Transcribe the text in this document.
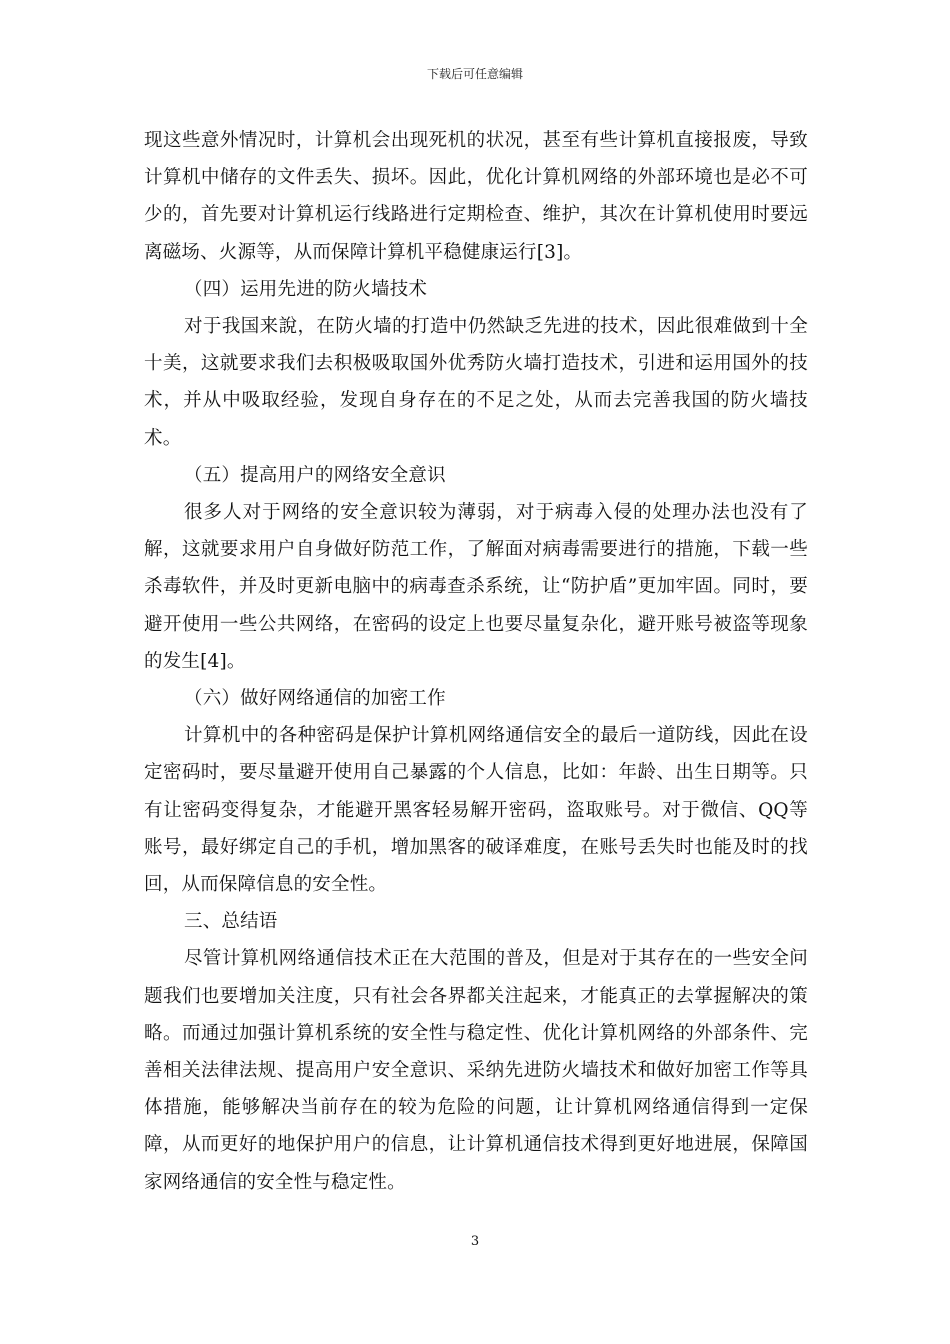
下载后可任意编辑

现这些意外情况时，计算机会出现死机的状况，甚至有些计算机直接报废，导致计算机中储存的文件丢失、损坏。因此，优化计算机网络的外部环境也是必不可少的，首先要对计算机运行线路进行定期检查、维护，其次在计算机使用时要远离磁场、火源等，从而保障计算机平稳健康运行[3]。

（四）运用先进的防火墙技术

对于我国来說，在防火墙的打造中仍然缺乏先进的技术，因此很难做到十全十美，这就要求我们去积极吸取国外优秀防火墙打造技术，引进和运用国外的技术，并从中吸取经验，发现自身存在的不足之处，从而去完善我国的防火墙技术。

（五）提高用户的网络安全意识

很多人对于网络的安全意识较为薄弱，对于病毒入侵的处理办法也没有了解，这就要求用户自身做好防范工作，了解面对病毒需要进行的措施，下载一些杀毒软件，并及时更新电脑中的病毒查杀系统，让“防护盾”更加牢固。同时，要避开使用一些公共网络，在密码的设定上也要尽量复杂化，避开账号被盗等现象的发生[4]。

（六）做好网络通信的加密工作

计算机中的各种密码是保护计算机网络通信安全的最后一道防线，因此在设定密码时，要尽量避开使用自己暴露的个人信息，比如：年龄、出生日期等。只有让密码变得复杂，才能避开黑客轻易解开密码，盗取账号。对于微信、QQ等账号，最好绑定自己的手机，增加黑客的破译难度，在账号丢失时也能及时的找回，从而保障信息的安全性。

三、总结语

尽管计算机网络通信技术正在大范围的普及，但是对于其存在的一些安全问题我们也要增加关注度，只有社会各界都关注起来，才能真正的去掌握解决的策略。而通过加强计算机系统的安全性与稳定性、优化计算机网络的外部条件、完善相关法律法规、提高用户安全意识、采纳先进防火墙技术和做好加密工作等具体措施，能够解决当前存在的较为危险的问题，让计算机网络通信得到一定保障，从而更好的地保护用户的信息，让计算机通信技术得到更好地进展，保障国家网络通信的安全性与稳定性。

3
